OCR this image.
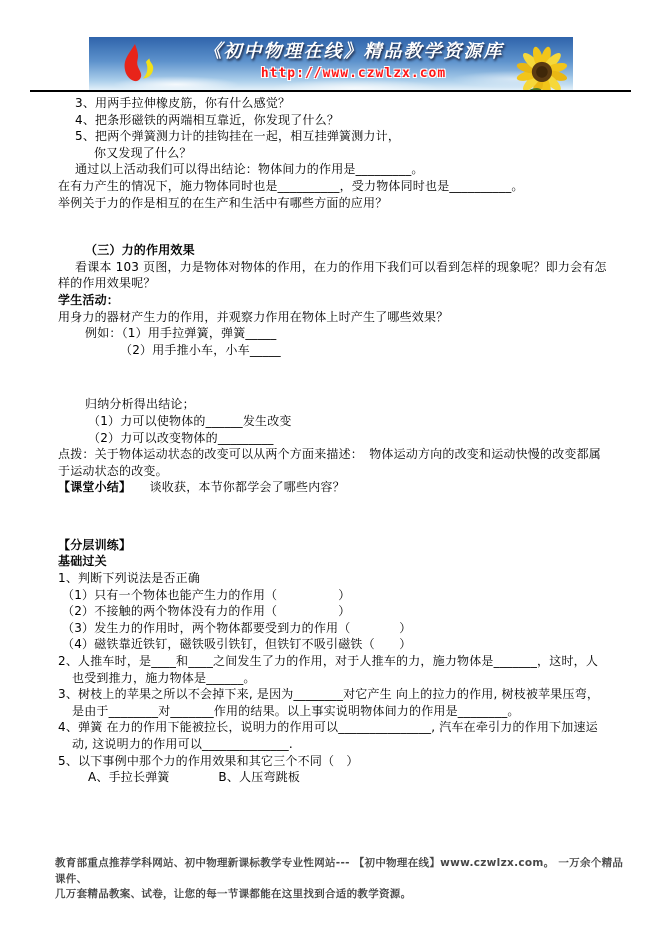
《初中物理在线》精品教学资源库
http://www.czwlzx.com

3、用两手拉伸橡皮筋，你有什么感觉？

4、把条形磁铁的两端相互靠近，你发现了什么？

5、把两个弹簧测力计的挂钩挂在一起，相互挂弹簧测力计，

你又发现了什么？

通过以上活动我们可以得出结论：物体间力的作用是_________。

在有力产生的情况下，施力物体同时也是__________，受力物体同时也是__________。

举例关于力的作是相互的在生产和生活中有哪些方面的应用？

（三）力的作用效果

看课本 103 页图，力是物体对物体的作用，在力的作用下我们可以看到怎样的现象呢？即力会有怎

样的作用效果呢？

学生活动：

用身力的器材产生力的作用，并观察力作用在物体上时产生了哪些效果？

例如：（1）用手拉弹簧，弹簧_____

（2）用手推小车，小车_____

归纳分析得出结论；

（1）力可以使物体的______发生改变

（2）力可以改变物体的_________

点拨：关于物体运动状态的改变可以从两个方面来描述：　物体运动方向的改变和运动快慢的改变都属

于运动状态的改变。

【课堂小结】　　谈收获，本节你都学会了哪些内容？

【分层训练】

基础过关

1、判断下列说法是否正确

（1）只有一个物体也能产生力的作用（　　　　　）

（2）不接触的两个物体没有力的作用（　　　　　）

（3）发生力的作用时，两个物体都要受到力的作用（　　　　）

（4）磁铁靠近铁钉，磁铁吸引铁钉，但铁钉不吸引磁铁（　　）

2、人推车时，是____和____之间发生了力的作用，对于人推车的力，施力物体是_______，这时，人

也受到推力，施力物体是______。

3、树枝上的苹果之所以不会掉下来, 是因为________对它产生 向上的拉力的作用, 树枝被苹果压弯，

是由于________对_______作用的结果。以上事实说明物体间力的作用是________。

4、弹簧 在力的作用下能被拉长，说明力的作用可以_______________, 汽车在牵引力的作用下加速运

动, 这说明力的作用可以______________.

5、以下事例中那个力的作用效果和其它三个不同（　）

A、手拉长弹簧　　　　B、人压弯跳板

教育部重点推荐学科网站、初中物理新课标教学专业性网站--- 【初中物理在线】www.czwlzx.com。 一万余个精品课件、

几万套精品教案、试卷，让您的每一节课都能在这里找到合适的教学资源。
